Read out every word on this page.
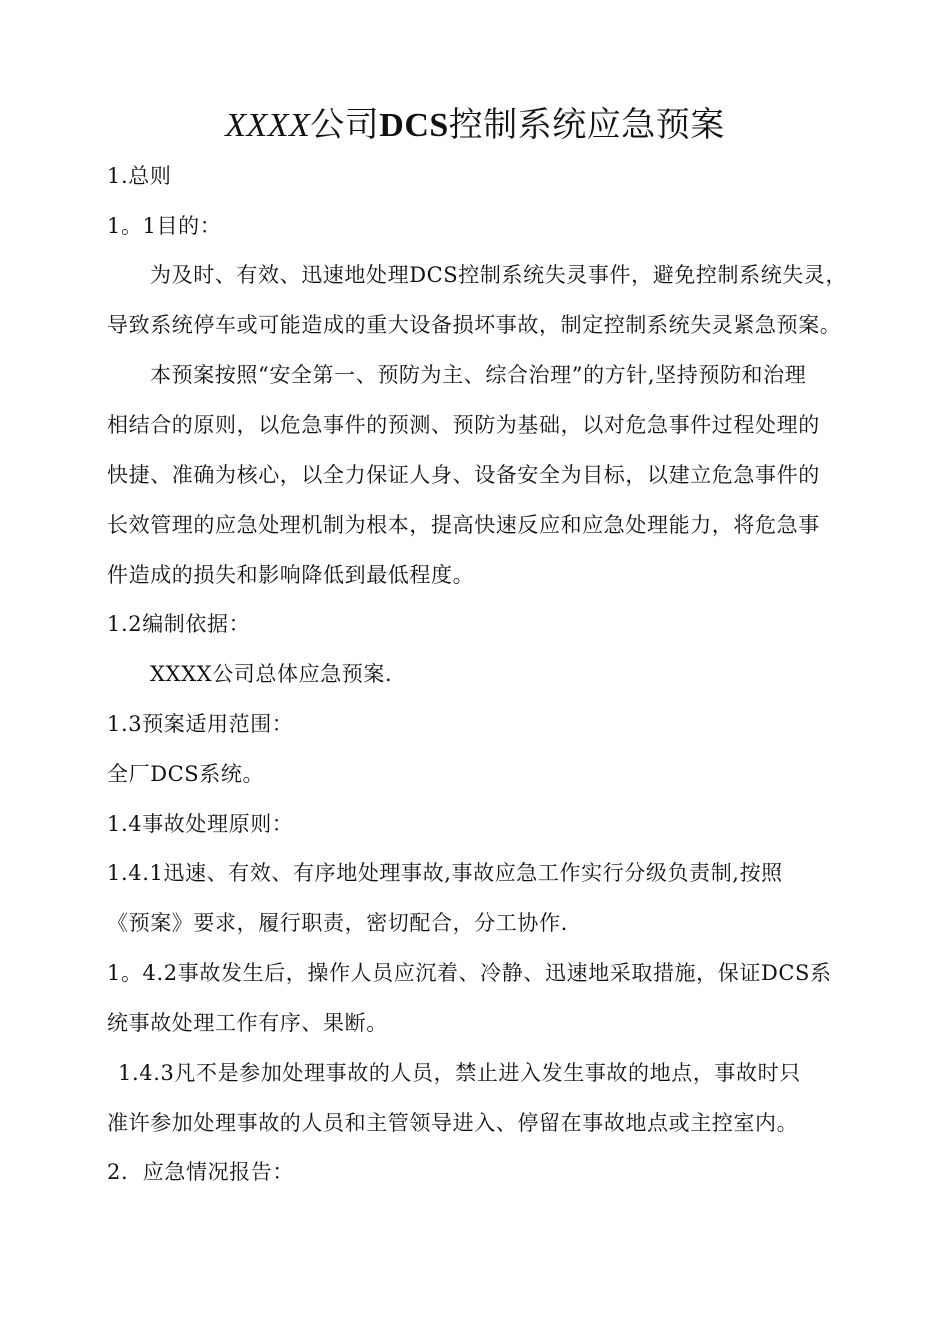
XXXX公司DCS控制系统应急预案
1.总则
1。1目的：
为及时、有效、迅速地处理DCS控制系统失灵事件，避免控制系统失灵，
导致系统停车或可能造成的重大设备损坏事故，制定控制系统失灵紧急预案。
本预案按照“安全第一、预防为主、综合治理”的方针,坚持预防和治理
相结合的原则，以危急事件的预测、预防为基础，以对危急事件过程处理的
快捷、准确为核心，以全力保证人身、设备安全为目标，以建立危急事件的
长效管理的应急处理机制为根本，提高快速反应和应急处理能力，将危急事
件造成的损失和影响降低到最低程度。
1.2编制依据：
XXXX公司总体应急预案.
1.3预案适用范围：
全厂DCS系统。
1.4事故处理原则：
1.4.1迅速、有效、有序地处理事故,事故应急工作实行分级负责制,按照
《预案》要求，履行职责，密切配合，分工协作.
1。4.2事故发生后，操作人员应沉着、冷静、迅速地采取措施，保证DCS系
统事故处理工作有序、果断。
1.4.3凡不是参加处理事故的人员，禁止进入发生事故的地点，事故时只
准许参加处理事故的人员和主管领导进入、停留在事故地点或主控室内。
2.  应急情况报告：
